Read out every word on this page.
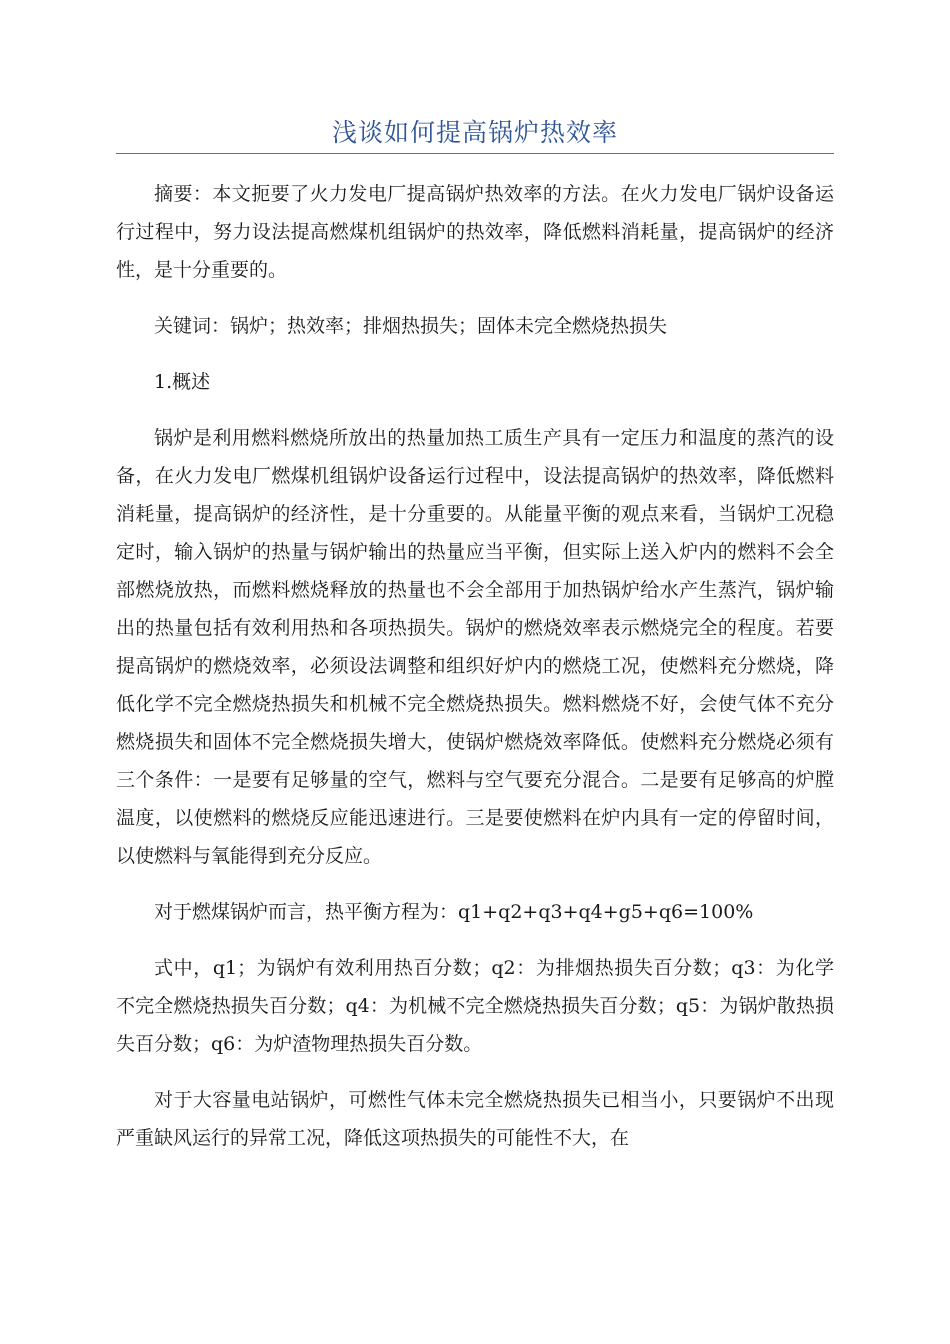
浅谈如何提高锅炉热效率

摘要：本文扼要了火力发电厂提高锅炉热效率的方法。在火力发电厂锅炉设备运行过程中，努力设法提高燃煤机组锅炉的热效率，降低燃料消耗量，提高锅炉的经济性，是十分重要的。

关键词：锅炉；热效率；排烟热损失；固体未完全燃烧热损失

1.概述

锅炉是利用燃料燃烧所放出的热量加热工质生产具有一定压力和温度的蒸汽的设备，在火力发电厂燃煤机组锅炉设备运行过程中，设法提高锅炉的热效率，降低燃料消耗量，提高锅炉的经济性，是十分重要的。从能量平衡的观点来看，当锅炉工况稳定时，输入锅炉的热量与锅炉输出的热量应当平衡，但实际上送入炉内的燃料不会全部燃烧放热，而燃料燃烧释放的热量也不会全部用于加热锅炉给水产生蒸汽，锅炉输出的热量包括有效利用热和各项热损失。锅炉的燃烧效率表示燃烧完全的程度。若要提高锅炉的燃烧效率，必须设法调整和组织好炉内的燃烧工况，使燃料充分燃烧，降低化学不完全燃烧热损失和机械不完全燃烧热损失。燃料燃烧不好，会使气体不充分燃烧损失和固体不完全燃烧损失增大，使锅炉燃烧效率降低。使燃料充分燃烧必须有三个条件：一是要有足够量的空气，燃料与空气要充分混合。二是要有足够高的炉膛温度，以使燃料的燃烧反应能迅速进行。三是要使燃料在炉内具有一定的停留时间，以使燃料与氧能得到充分反应。

对于燃煤锅炉而言，热平衡方程为：q1+q2+q3+q4+g5+q6=100%

式中，q1；为锅炉有效利用热百分数；q2：为排烟热损失百分数；q3：为化学不完全燃烧热损失百分数；q4：为机械不完全燃烧热损失百分数；q5：为锅炉散热损失百分数；q6：为炉渣物理热损失百分数。

对于大容量电站锅炉，可燃性气体未完全燃烧热损失已相当小，只要锅炉不出现严重缺风运行的异常工况，降低这项热损失的可能性不大，在
